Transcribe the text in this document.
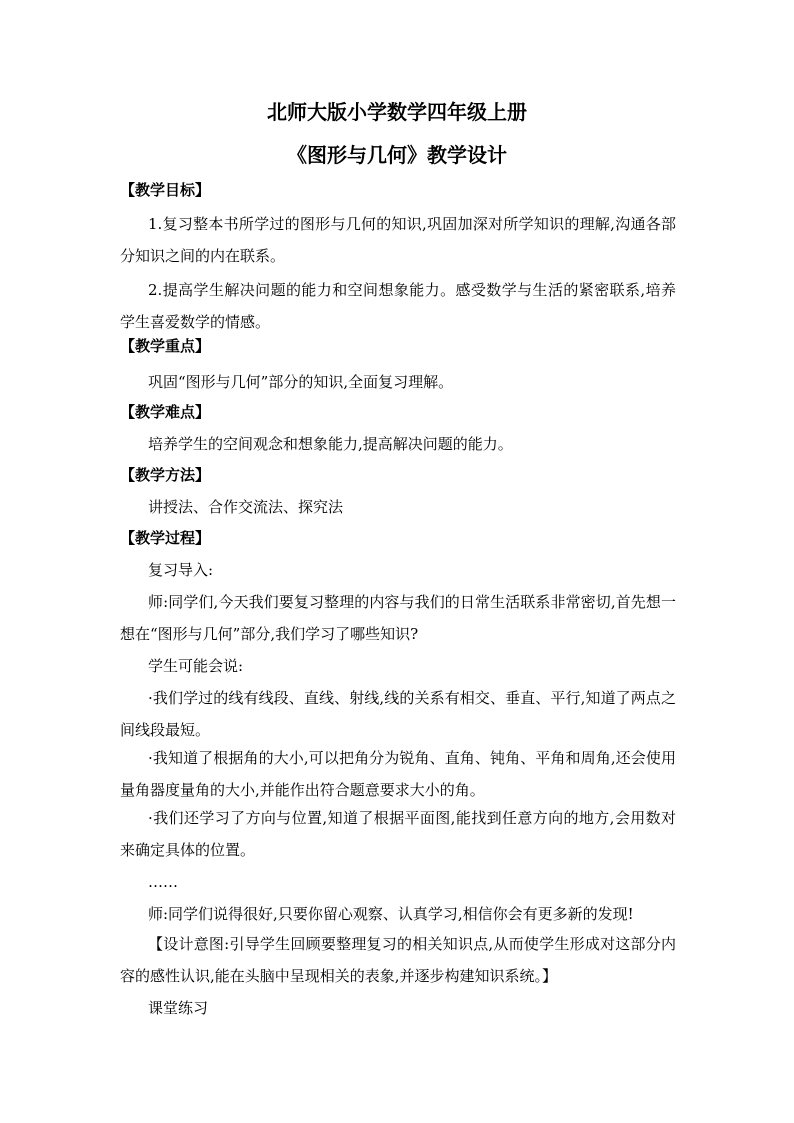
北师大版小学数学四年级上册
《图形与几何》教学设计
【教学目标】
1.复习整本书所学过的图形与几何的知识,巩固加深对所学知识的理解,沟通各部分知识之间的内在联系。
2.提高学生解决问题的能力和空间想象能力。感受数学与生活的紧密联系,培养学生喜爱数学的情感。
【教学重点】
巩固“图形与几何”部分的知识,全面复习理解。
【教学难点】
培养学生的空间观念和想象能力,提高解决问题的能力。
【教学方法】
讲授法、合作交流法、探究法
【教学过程】
复习导入:
师:同学们,今天我们要复习整理的内容与我们的日常生活联系非常密切,首先想一想在“图形与几何”部分,我们学习了哪些知识?
学生可能会说:
·我们学过的线有线段、直线、射线,线的关系有相交、垂直、平行,知道了两点之间线段最短。
·我知道了根据角的大小,可以把角分为锐角、直角、钝角、平角和周角,还会使用量角器度量角的大小,并能作出符合题意要求大小的角。
·我们还学习了方向与位置,知道了根据平面图,能找到任意方向的地方,会用数对来确定具体的位置。
……
师:同学们说得很好,只要你留心观察、认真学习,相信你会有更多新的发现!
【设计意图:引导学生回顾要整理复习的相关知识点,从而使学生形成对这部分内容的感性认识,能在头脑中呈现相关的表象,并逐步构建知识系统。】
课堂练习
